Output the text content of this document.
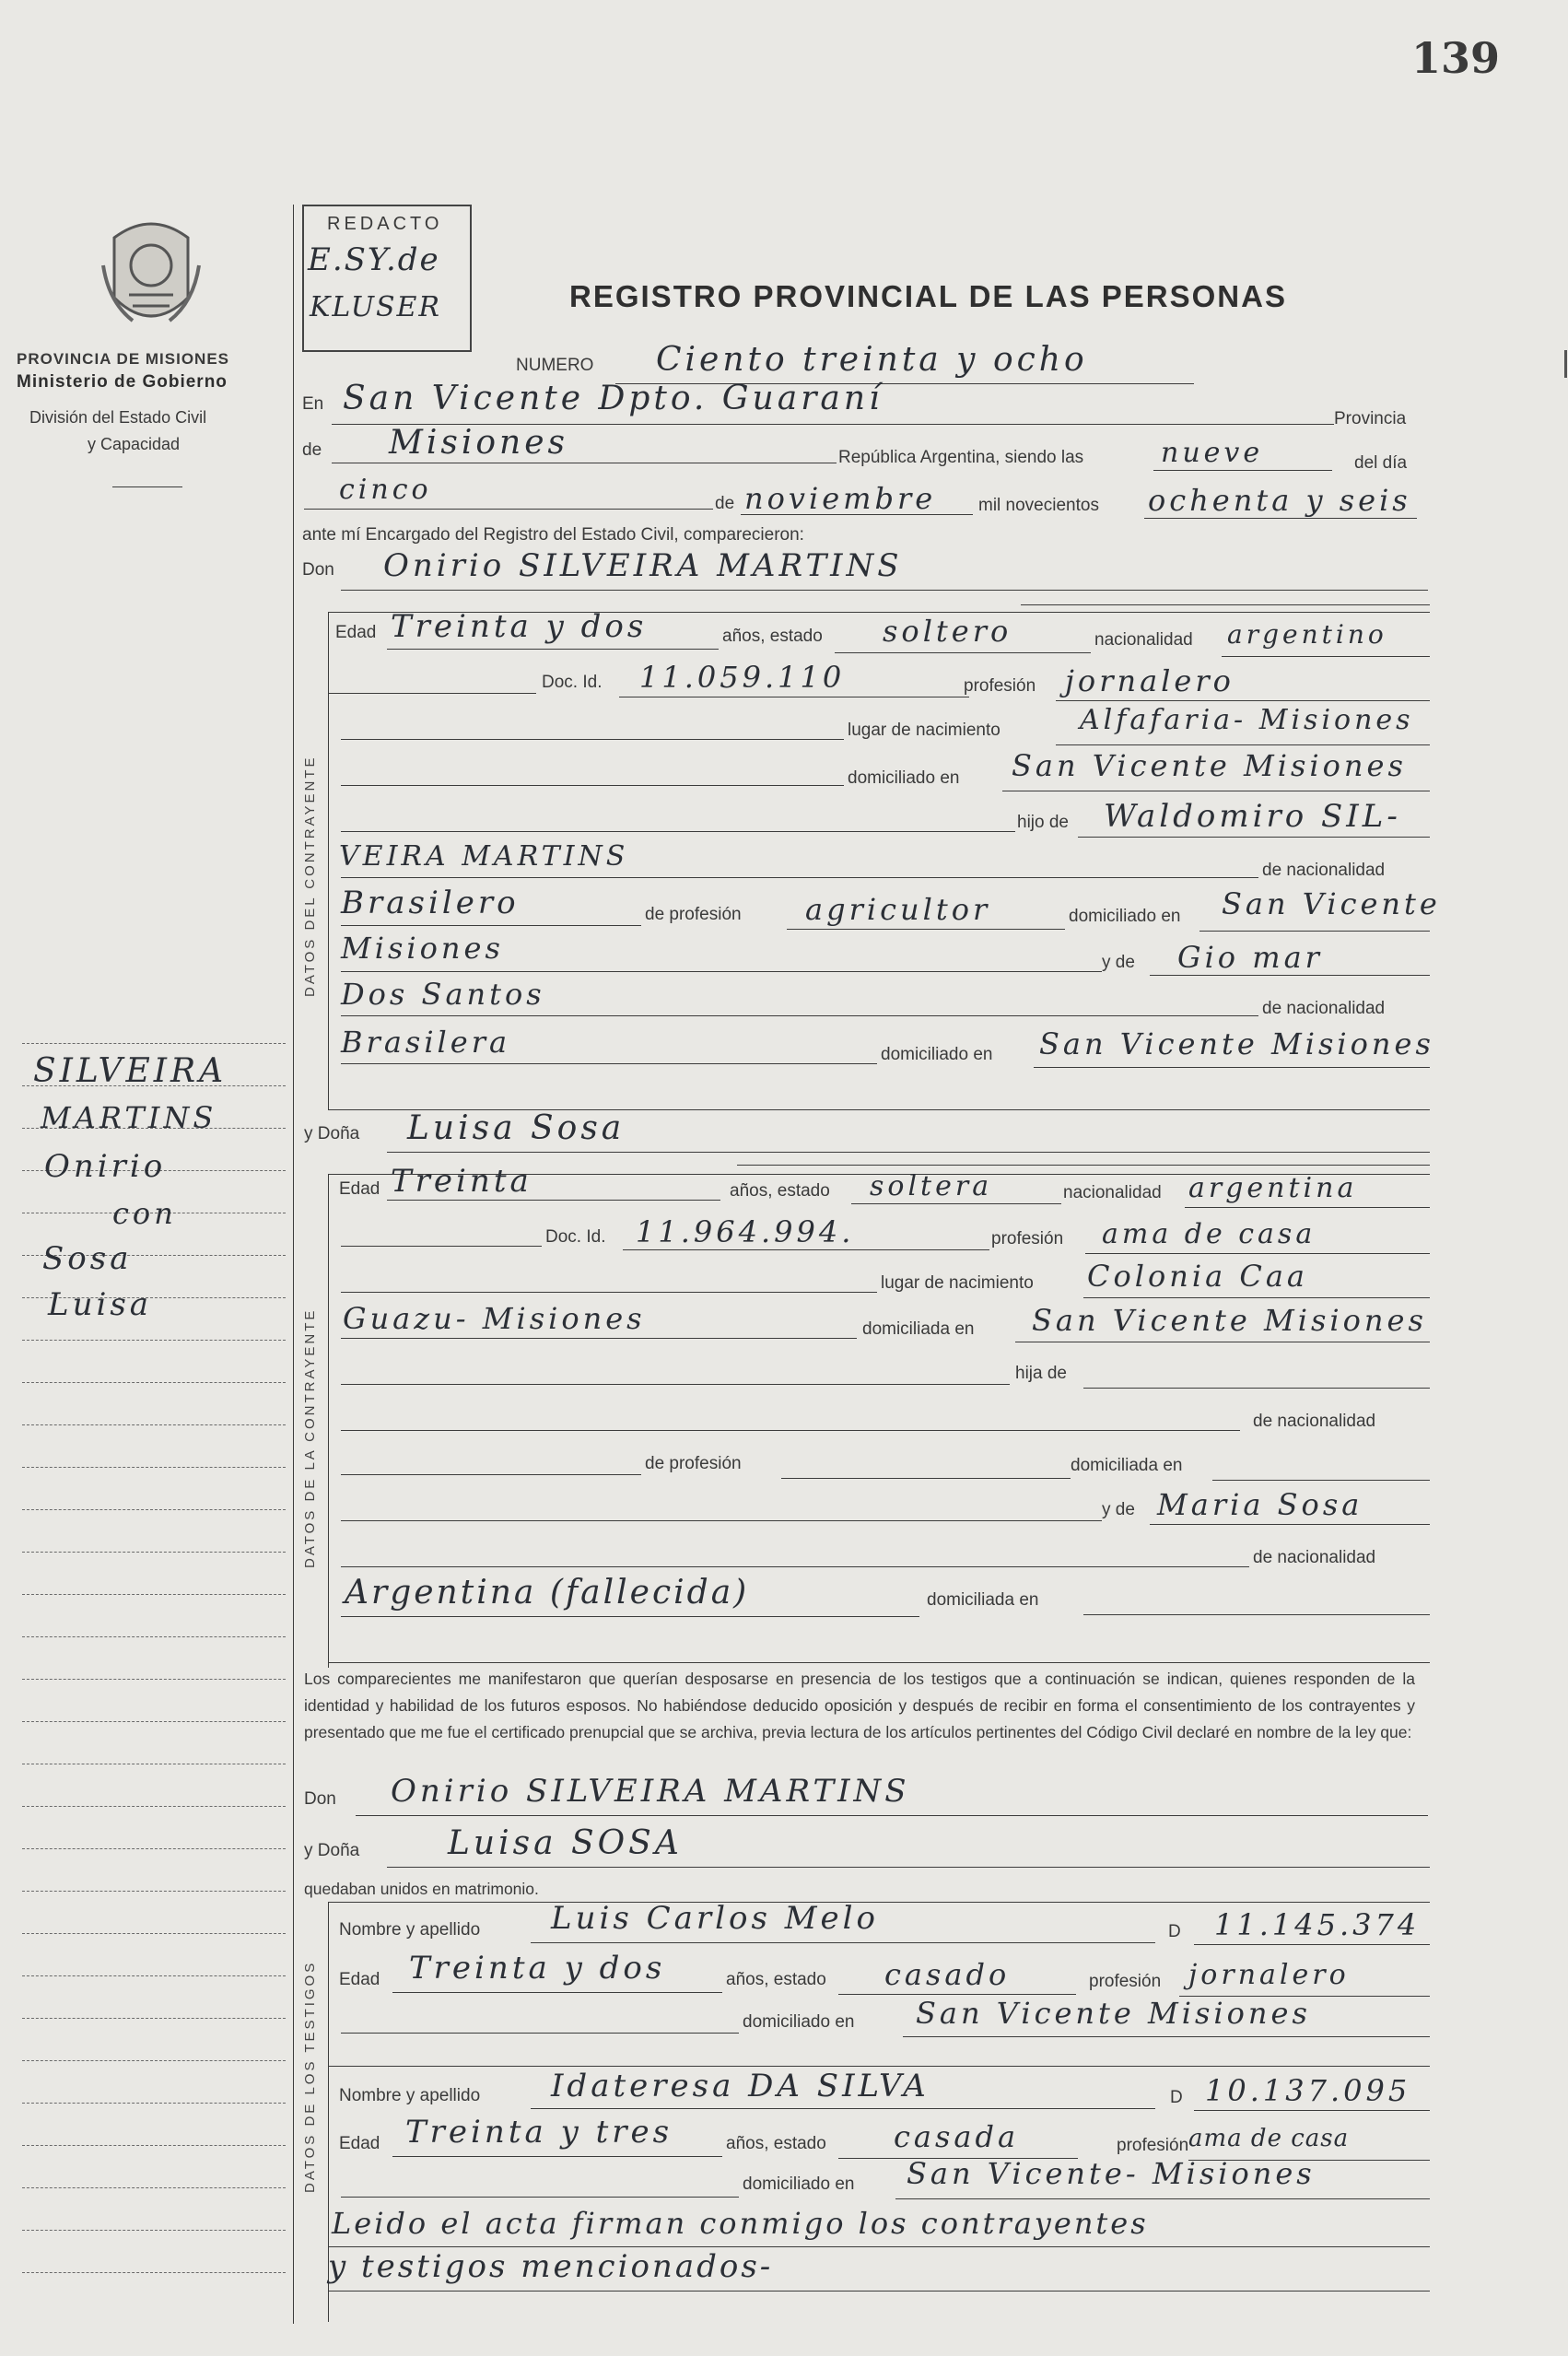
139
PROVINCIA DE MISIONES
Ministerio de Gobierno
División del Estado Civil
y Capacidad
REDACTO
E.SY.de
KLUSER	REGISTRO PROVINCIAL DE LAS PERSONAS
NUMERO Ciento treinta y ocho
En San Vicente Dpto. Guaraní
Provincia
de Misiones	República Argentina, siendo las	nueve	del día
cinco	de noviembre mil novecientos ochenta y seis
ante mí Encargado del Registro del Estado Civil, comparecieron:
Don Onirio SILVEIRA MARTINS
DATOS DEL CONTRAYENTE
Edad Treinta y dos	años, estado soltero	nacionalidad argentino
Doc. Id. 11.059.110	profesión jornalero
lugar de nacimiento	Alfafaria- Misiones
domiciliado en San Vicente Misiones
hijo de Waldomiro SIL-
VEIRA MARTINS	de nacionalidad
Brasilero	de profesión agricultor	domiciliado en San Vicente
Misiones	y de Gio mar
Dos Santos	de nacionalidad
Brasilera	domiciliado en San Vicente Misiones
y Doña Luisa Sosa
DATOS DE LA CONTRAYENTE
Edad Treinta	años, estado soltera	nacionalidad argentina
Doc. Id. 11.964.994.	profesión ama de casa
lugar de nacimiento Colonia Caa
Guazu- Misiones	domiciliada en San Vicente Misiones
hija de
de nacionalidad
de profesión	domiciliada en
y de Maria Sosa
de nacionalidad
Argentina (fallecida)	domiciliada en
Los comparecientes me manifestaron que querían desposarse en presencia de los testigos que a continuación se indican, quienes responden de la identidad y habilidad de los futuros esposos. No habiéndose deducido oposición y después de recibir en forma el consentimiento de los contrayentes y presentado que me fue el certificado prenupcial que se archiva, previa lectura de los artículos pertinentes del Código Civil declaré en nombre de la ley que:
Don Onirio SILVEIRA MARTINS
y Doña	Luisa SOSA
quedaban unidos en matrimonio.
DATOS DE LOS TESTIGOS
Nombre y apellido Luis Carlos Melo	D 11.145.374
Edad Treinta y dos	años, estado casado	profesión jornalero
domiciliado en San Vicente Misiones
Nombre y apellido Idateresa DA SILVA	D 10.137.095
Edad Treinta y tres	años, estado casada	profesión ama de casa
domiciliado en San Vicente- Misiones
Leido el acta firman conmigo los contrayentes
y testigos mencionados-
SILVEIRA
MARTINS
Onirio
con
Sosa
Luisa
